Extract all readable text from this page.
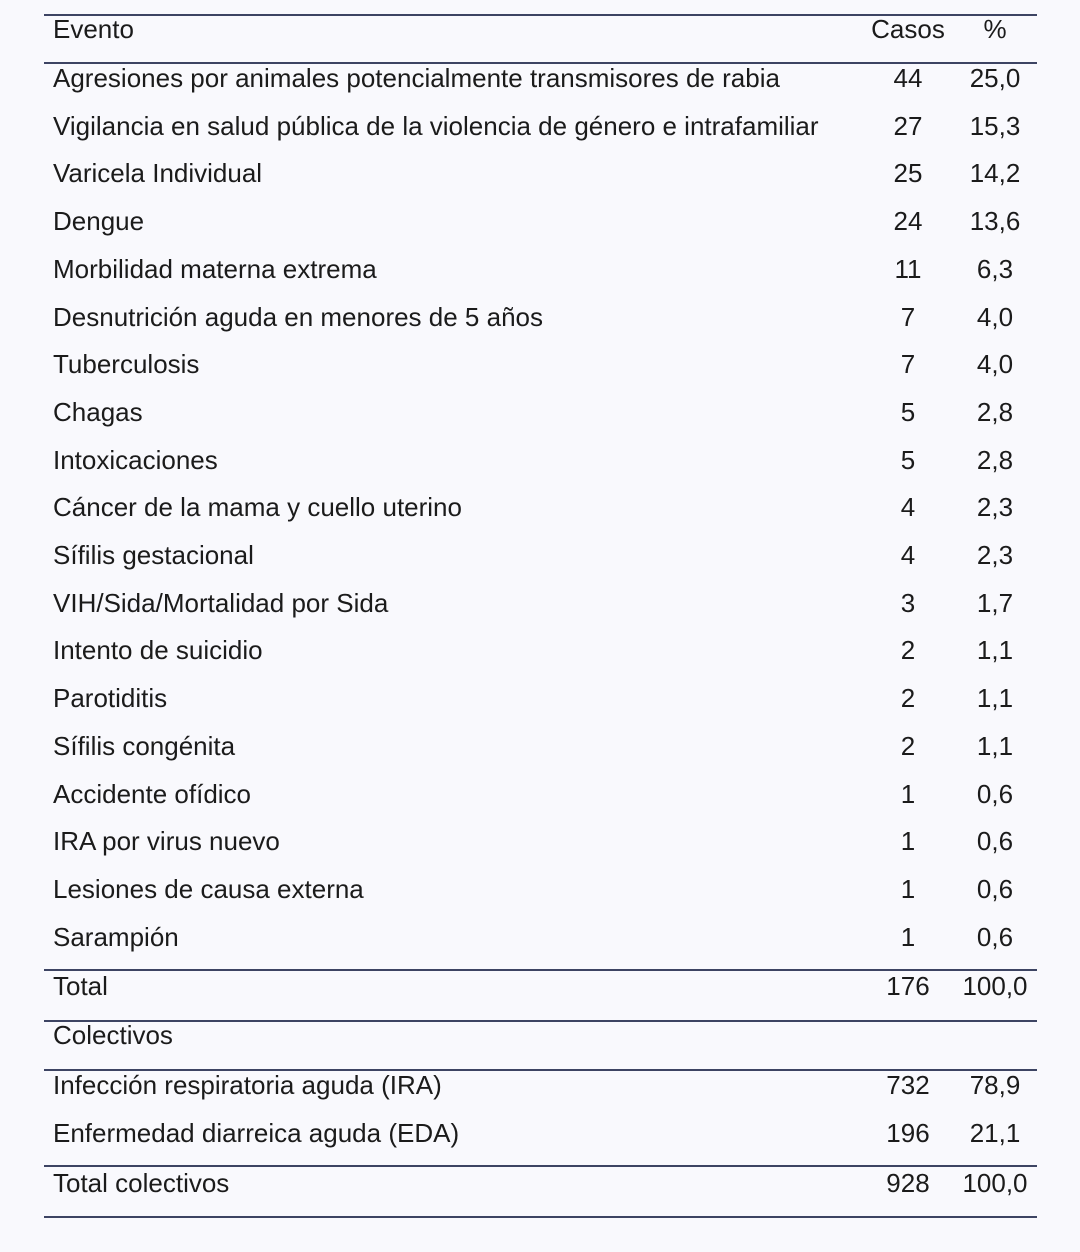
Evento	Casos	%
Agresiones por animales potencialmente transmisores de rabia	44	25,0
Vigilancia en salud pública de la violencia de género e intrafamiliar	27	15,3
Varicela Individual	25	14,2
Dengue	24	13,6
Morbilidad materna extrema	11	6,3
Desnutrición aguda en menores de 5 años	7	4,0
Tuberculosis	7	4,0
Chagas	5	2,8
Intoxicaciones	5	2,8
Cáncer de la mama y cuello uterino	4	2,3
Sífilis gestacional	4	2,3
VIH/Sida/Mortalidad por Sida	3	1,7
Intento de suicidio	2	1,1
Parotiditis	2	1,1
Sífilis congénita	2	1,1
Accidente ofídico	1	0,6
IRA por virus nuevo	1	0,6
Lesiones de causa externa	1	0,6
Sarampión	1	0,6
Total	176	100,0
Colectivos
Infección respiratoria aguda (IRA)	732	78,9
Enfermedad diarreica aguda (EDA)	196	21,1
Total colectivos	928	100,0
